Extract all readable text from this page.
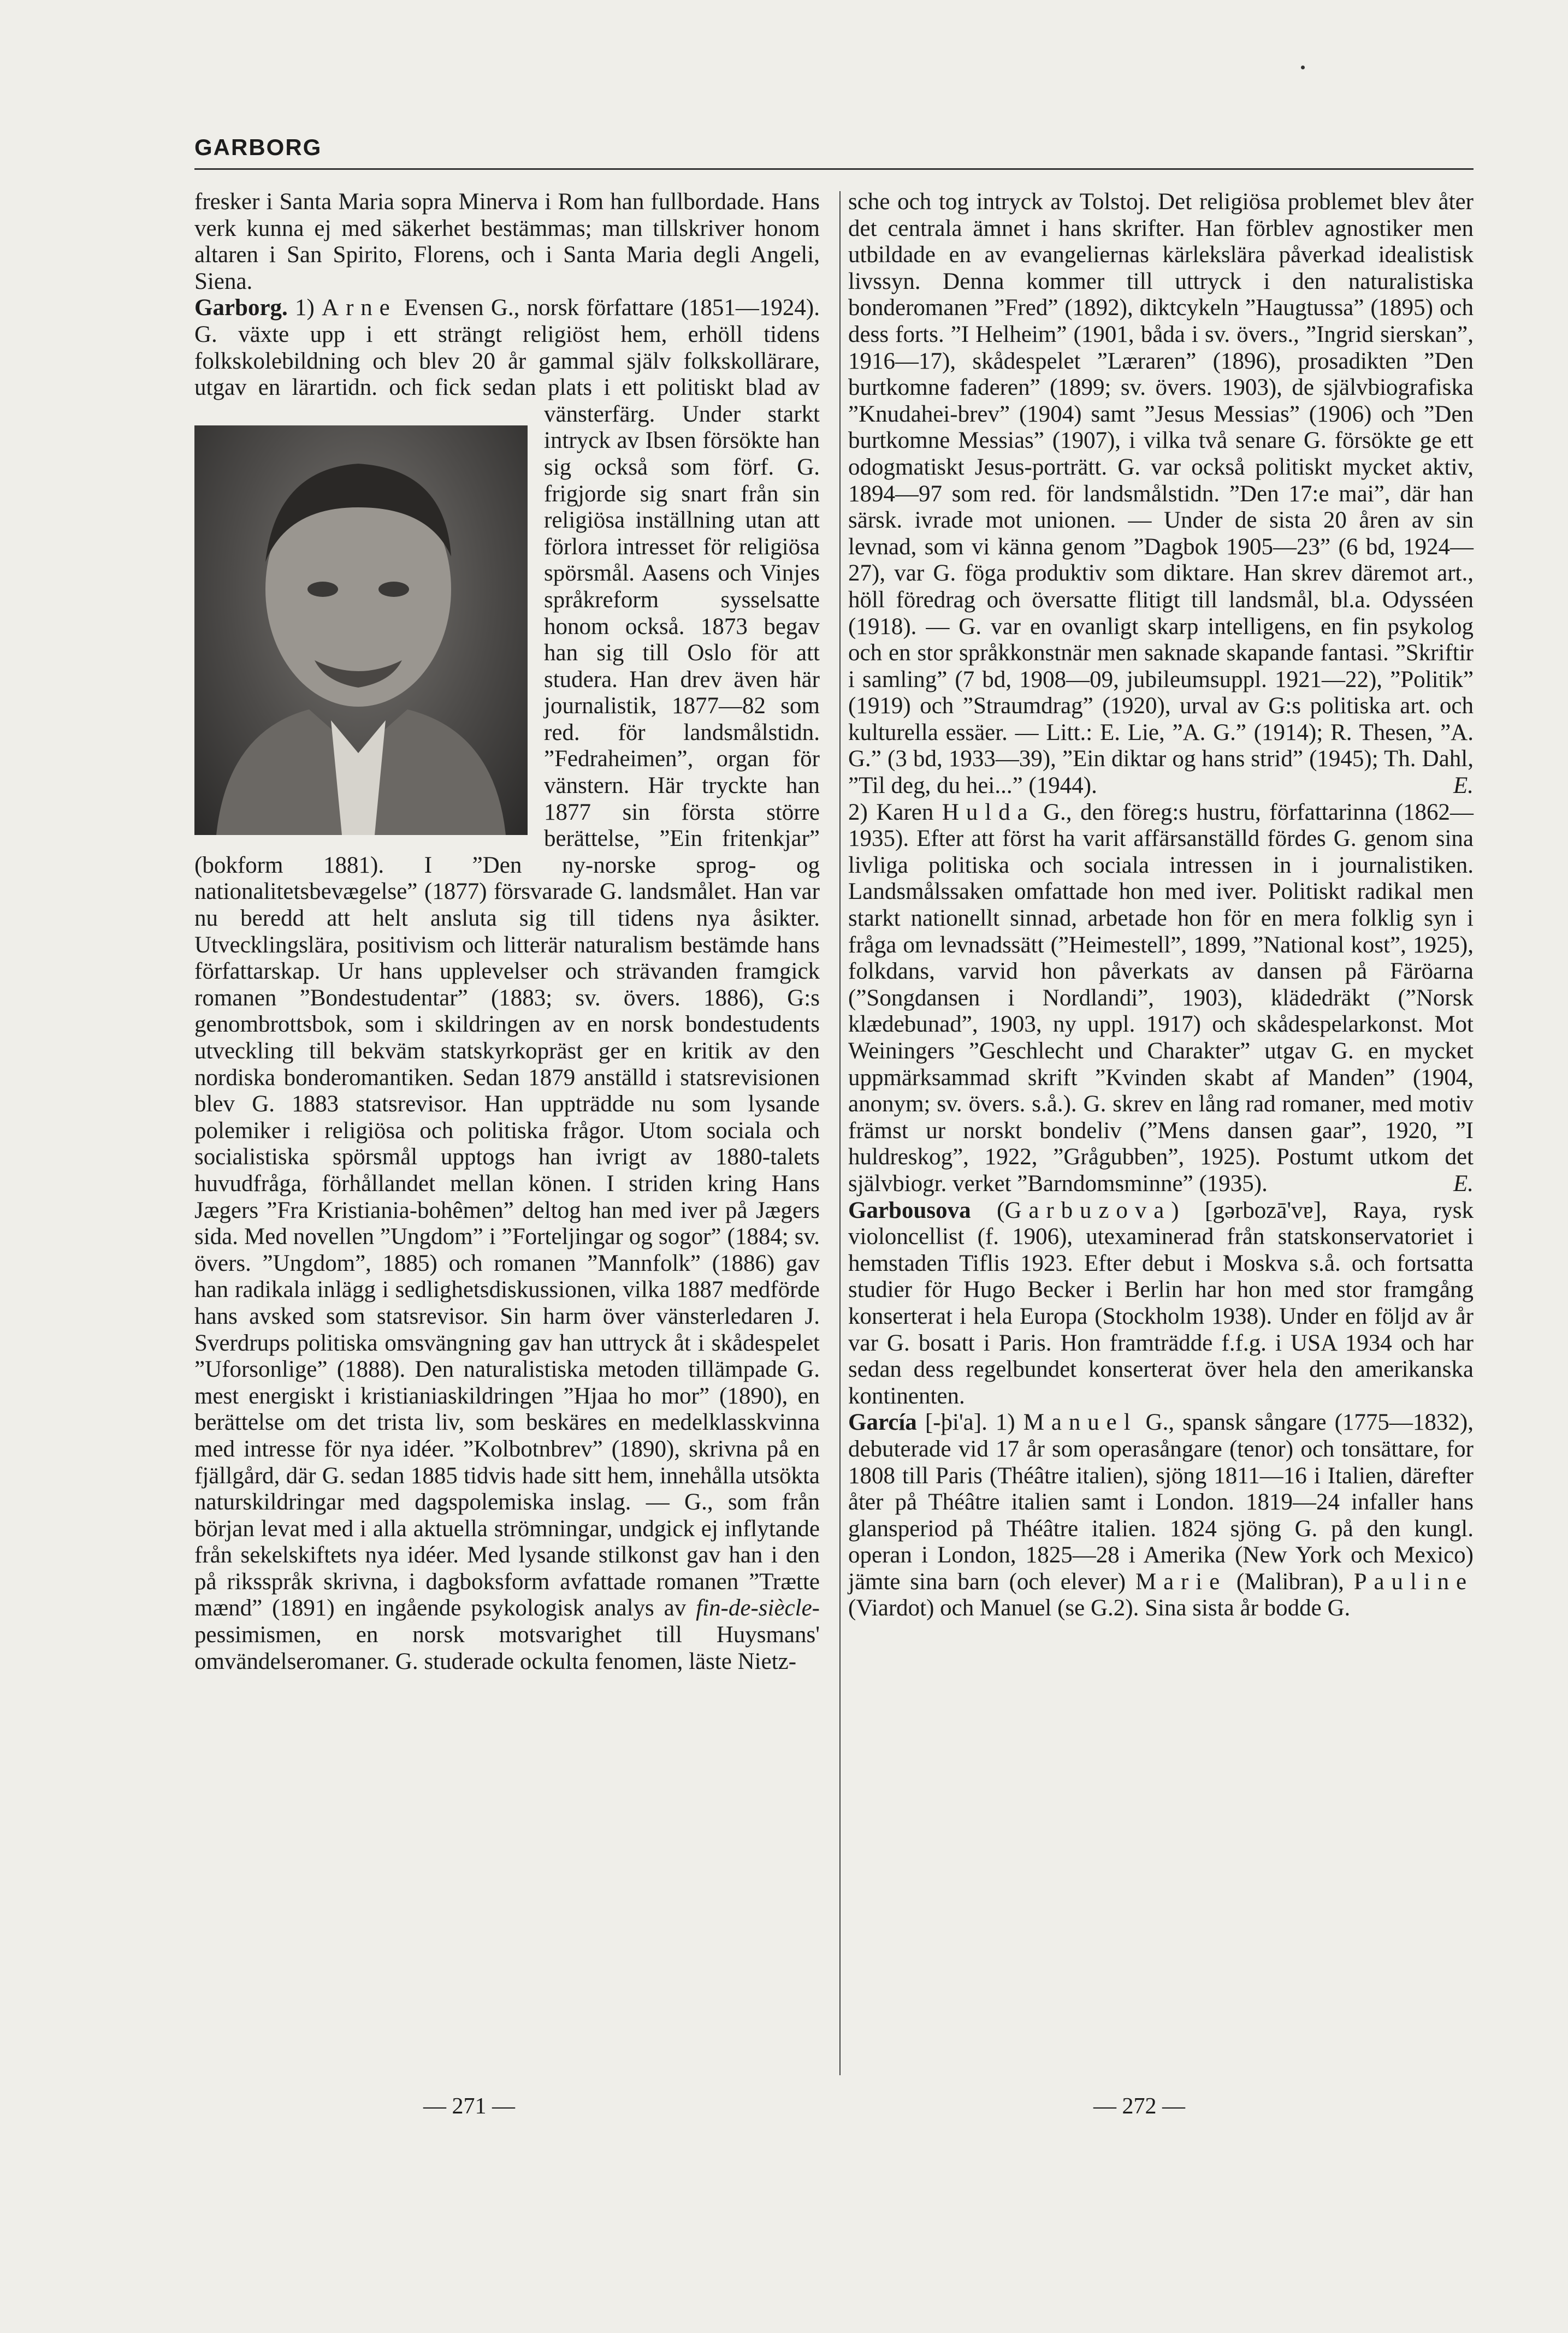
GARBORG

fresker i Santa Maria sopra Minerva i Rom han fullbordade. Hans verk kunna ej med säkerhet bestämmas; man tillskriver honom altaren i San Spirito, Florens, och i Santa Maria degli Angeli, Siena.

Garborg. 1) Arne Evensen G., norsk författare (1851—1924). G. växte upp i ett strängt religiöst hem, erhöll tidens folkskolebildning och blev 20 år gammal själv folkskollärare, utgav en lärartidn. och fick sedan plats i ett politiskt blad av vänster
färg. Under starkt intryck av Ibsen försökte han sig också som förf. G. frigjorde sig snart från sin religiösa inställning utan att förlora intresset för religiösa spörsmål. Aasens och Vinjes språkreform sysselsatte honom också. 1873 begav han sig till Oslo för att studera. Han drev även här journalistik, 1877—82 som red. för landsmålstidn. ”Fedraheimen”, organ för vänstern. Här tryckte han 1877 sin första större berättelse, ”Ein fritenkjar” (bokform 1881). I ”Den ny-norske sprog- og nationalitetsbevægelse” (1877) försvarade G. landsmålet. Han var nu beredd att helt ansluta sig till tidens nya åsikter. Utvecklingslära, positivism och litterär naturalism bestämde hans författarskap. Ur hans upplevelser och strävanden framgick romanen ”Bondestudentar” (1883; sv. övers. 1886), G:s genombrottsbok, som i skildringen av en norsk bondestudents utveckling till bekväm statskyrkopräst ger en kritik av den nordiska bonderomantiken. Sedan 1879 anställd i statsrevisionen blev G. 1883 statsrevisor. Han uppträdde nu som lysande polemiker i religiösa och politiska frågor. Utom sociala och socialistiska spörsmål upptogs han ivrigt av 1880-talets huvudfråga, förhållandet mellan könen. I striden kring Hans Jægers ”Fra Kristiania-bohêmen” deltog han med iver på Jægers sida. Med novellen ”Ungdom” i ”Forteljingar og sogor” (1884; sv. övers. ”Ungdom”, 1885) och romanen ”Mannfolk” (1886) gav han radikala inlägg i sedlighetsdiskussionen, vilka 1887 medförde hans avsked som statsrevisor. Sin harm över vänsterledaren J. Sverdrups politiska omsvängning gav han uttryck åt i skådespelet ”Uforsonlige” (1888). Den naturalistiska metoden tillämpade G. mest energiskt i kristianiaskildringen ”Hjaa ho mor” (1890), en berättelse om det trista liv, som beskäres en medelklasskvinna med intresse för nya idéer. ”Kolbotnbrev” (1890), skrivna på en fjällgård, där G. sedan 1885 tidvis hade sitt hem, innehålla utsökta naturskildringar med dagspolemiska inslag. — G., som från början levat med i alla aktuella strömningar, undgick ej inflytande från sekelskiftets nya idéer. Med lysande stilkonst gav han i den på riksspråk skrivna, i dagboksform avfattade romanen ”Trætte mænd” (1891) en ingående psykologisk analys av fin-de-siècle-pessimismen, en norsk motsvarighet till Huysmans' omvändelseromaner. G. studerade ockulta fenomen, läste Nietz-

sche och tog intryck av Tolstoj. Det religiösa problemet blev åter det centrala ämnet i hans skrifter. Han förblev agnostiker men utbildade en av evangeliernas kärlekslära påverkad idealistisk livssyn. Denna kommer till uttryck i den naturalistiska bonderomanen ”Fred” (1892), diktcykeln ”Haugtussa” (1895) och dess forts. ”I Helheim” (1901, båda i sv. övers., ”Ingrid sierskan”, 1916—17), skådespelet ”Læraren” (1896), prosadikten ”Den burtkomne faderen” (1899; sv. övers. 1903), de självbiografiska ”Knudahei-brev” (1904) samt ”Jesus Messias” (1906) och ”Den burtkomne Messias” (1907), i vilka två senare G. försökte ge ett odogmatiskt Jesus-porträtt. G. var också politiskt mycket aktiv, 1894—97 som red. för landsmålstidn. ”Den 17:e mai”, där han särsk. ivrade mot unionen. — Under de sista 20 åren av sin levnad, som vi känna genom ”Dagbok 1905—23” (6 bd, 1924—27), var G. föga produktiv som diktare. Han skrev däremot art., höll föredrag och översatte flitigt till landsmål, bl.a. Odysséen (1918). — G. var en ovanligt skarp intelligens, en fin psykolog och en stor språkkonstnär men saknade skapande fantasi. ”Skriftir i samling” (7 bd, 1908—09, jubileumsuppl. 1921—22), ”Politik” (1919) och ”Straumdrag” (1920), urval av G:s politiska art. och kulturella essäer. — Litt.: E. Lie, ”A. G.” (1914); R. Thesen, ”A. G.” (3 bd, 1933—39), ”Ein diktar og hans strid” (1945); Th. Dahl, ”Til deg, du hei...” (1944).	E.

2) Karen Hulda G., den föreg:s hustru, författarinna (1862—1935). Efter att först ha varit affärsanställd fördes G. genom sina livliga politiska och sociala intressen in i journalistiken. Landsmålssaken omfattade hon med iver. Politiskt radikal men starkt nationellt sinnad, arbetade hon för en mera folklig syn i fråga om levnadssätt (”Heimestell”, 1899, ”National kost”, 1925), folkdans, varvid hon påverkats av dansen på Färöarna (”Songdansen i Nordlandi”, 1903), klädedräkt (”Norsk klædebunad”, 1903, ny uppl. 1917) och skådespelarkonst. Mot Weiningers ”Geschlecht und Charakter” utgav G. en mycket uppmärksammad skrift ”Kvinden skabt af Manden” (1904, anonym; sv. övers. s.å.). G. skrev en lång rad romaner, med motiv främst ur norskt bondeliv (”Mens dansen gaar”, 1920, ”I huldreskog”, 1922, ”Grågubben”, 1925). Postumt utkom det självbiogr. verket ”Barndomsminne” (1935).	E.

Garbousova (Garbuzova) [gərbozā'vɐ], Raya, rysk violoncellist (f. 1906), utexaminerad från statskonservatoriet i hemstaden Tiflis 1923. Efter debut i Moskva s.å. och fortsatta studier för Hugo Becker i Berlin har hon med stor framgång konserterat i hela Europa (Stockholm 1938). Under en följd av år var G. bosatt i Paris. Hon framträdde f.f.g. i USA 1934 och har sedan dess regelbundet konserterat över hela den amerikanska kontinenten.

García [-þi'a]. 1) Manuel G., spansk sångare (1775—1832), debuterade vid 17 år som operasångare (tenor) och tonsättare, for 1808 till Paris (Théâtre italien), sjöng 1811—16 i Italien, därefter åter på Théâtre italien samt i London. 1819—24 infaller hans glansperiod på Théâtre italien. 1824 sjöng G. på den kungl. operan i London, 1825—28 i Amerika (New York och Mexico) jämte sina barn (och elever) Marie (Malibran), Pauline (Viardot) och Manuel (se G.2). Sina sista år bodde G.

— 271 —	— 272 —
